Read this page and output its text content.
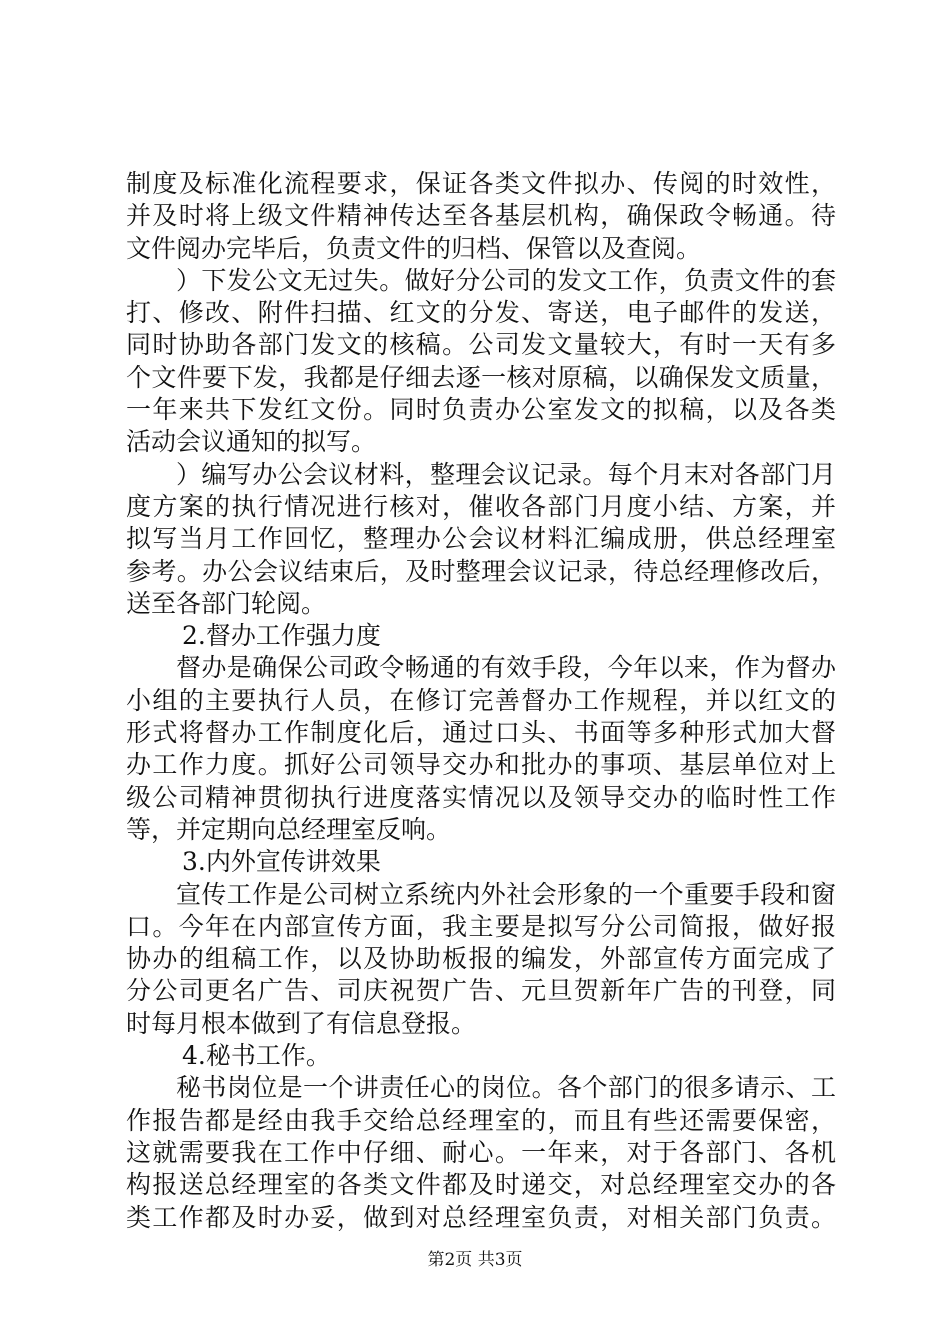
制度及标准化流程要求，保证各类文件拟办、传阅的时效性，
并及时将上级文件精神传达至各基层机构，确保政令畅通。待
文件阅办完毕后，负责文件的归档、保管以及查阅。
）下发公文无过失。做好分公司的发文工作，负责文件的套
打、修改、附件扫描、红文的分发、寄送，电子邮件的发送，
同时协助各部门发文的核稿。公司发文量较大，有时一天有多
个文件要下发，我都是仔细去逐一核对原稿，以确保发文质量，
一年来共下发红文份。同时负责办公室发文的拟稿，以及各类
活动会议通知的拟写。
）编写办公会议材料，整理会议记录。每个月末对各部门月
度方案的执行情况进行核对，催收各部门月度小结、方案，并
拟写当月工作回忆，整理办公会议材料汇编成册，供总经理室
参考。办公会议结束后，及时整理会议记录，待总经理修改后，
送至各部门轮阅。
2.督办工作强力度
督办是确保公司政令畅通的有效手段，今年以来，作为督办
小组的主要执行人员，在修订完善督办工作规程，并以红文的
形式将督办工作制度化后，通过口头、书面等多种形式加大督
办工作力度。抓好公司领导交办和批办的事项、基层单位对上
级公司精神贯彻执行进度落实情况以及领导交办的临时性工作
等，并定期向总经理室反响。
3.内外宣传讲效果
宣传工作是公司树立系统内外社会形象的一个重要手段和窗
口。今年在内部宣传方面，我主要是拟写分公司简报，做好报
协办的组稿工作，以及协助板报的编发，外部宣传方面完成了
分公司更名广告、司庆祝贺广告、元旦贺新年广告的刊登，同
时每月根本做到了有信息登报。
4.秘书工作。
秘书岗位是一个讲责任心的岗位。各个部门的很多请示、工
作报告都是经由我手交给总经理室的，而且有些还需要保密，
这就需要我在工作中仔细、耐心。一年来，对于各部门、各机
构报送总经理室的各类文件都及时递交，对总经理室交办的各
类工作都及时办妥，做到对总经理室负责，对相关部门负责。
第2页 共3页
